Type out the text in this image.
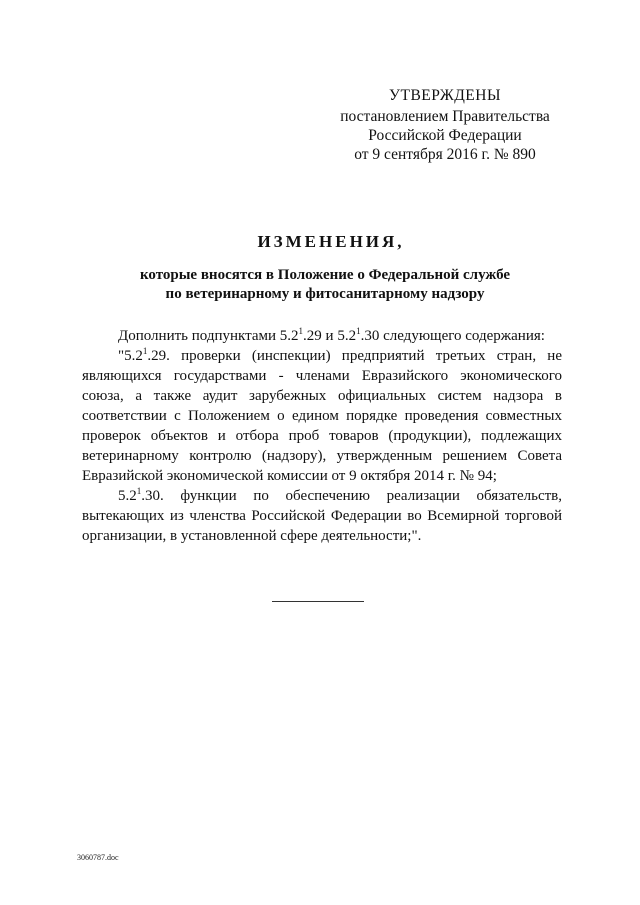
УТВЕРЖДЕНЫ
постановлением Правительства
Российской Федерации
от 9 сентября 2016 г. № 890
ИЗМЕНЕНИЯ,
которые вносятся в Положение о Федеральной службе
по ветеринарному и фитосанитарному надзору

Дополнить подпунктами $5.2^1.29$ и $5.2^1.30$ следующего содержания:

"$5.2^1.29$. проверки (инспекции) предприятий третьих стран, не являющихся государствами - членами Евразийского экономического союза, а также аудит зарубежных официальных систем надзора в соответствии с Положением о едином порядке проведения совместных проверок объектов и отбора проб товаров (продукции), подлежащих ветеринарному контролю (надзору), утвержденным решением Совета Евразийской экономической комиссии от 9 октября 2014 г. № 94;

$5.2^1.30$. функции по обеспечению реализации обязательств, вытекающих из членства Российской Федерации во Всемирной торговой организации, в установленной сфере деятельности;".

3060787.doc
